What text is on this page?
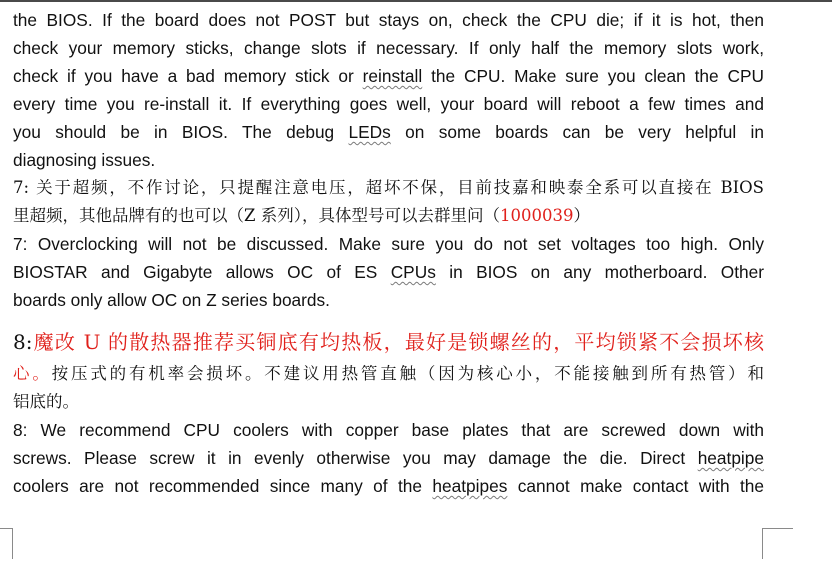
the BIOS. If the board does not POST but stays on, check the CPU die; if it is hot, then
check your memory sticks, change slots if necessary. If only half the memory slots work,
check if you have a bad memory stick or reinstall the CPU. Make sure you clean the CPU
every time you re-install it. If everything goes well, your board will reboot a few times and
you should be in BIOS. The debug LEDs on some boards can be very helpful in
diagnosing issues.
7: 关于超频，不作讨论，只提醒注意电压，超坏不保，目前技嘉和映泰全系可以直接在 BIOS
里超频，其他品牌有的也可以（Z 系列），具体型号可以去群里问（1000039）
7: Overclocking will not be discussed. Make sure you do not set voltages too high. Only
BIOSTAR and Gigabyte allows OC of ES CPUs in BIOS on any motherboard. Other
boards only allow OC on Z series boards.
8:魔改 U 的散热器推荐买铜底有均热板，最好是锁螺丝的，平均锁紧不会损坏核
心。按压式的有机率会损坏。不建议用热管直触（因为核心小，不能接触到所有热管）和
铝底的。
8: We recommend CPU coolers with copper base plates that are screwed down with
screws. Please screw it in evenly otherwise you may damage the die. Direct heatpipe
coolers are not recommended since many of the heatpipes cannot make contact with the
